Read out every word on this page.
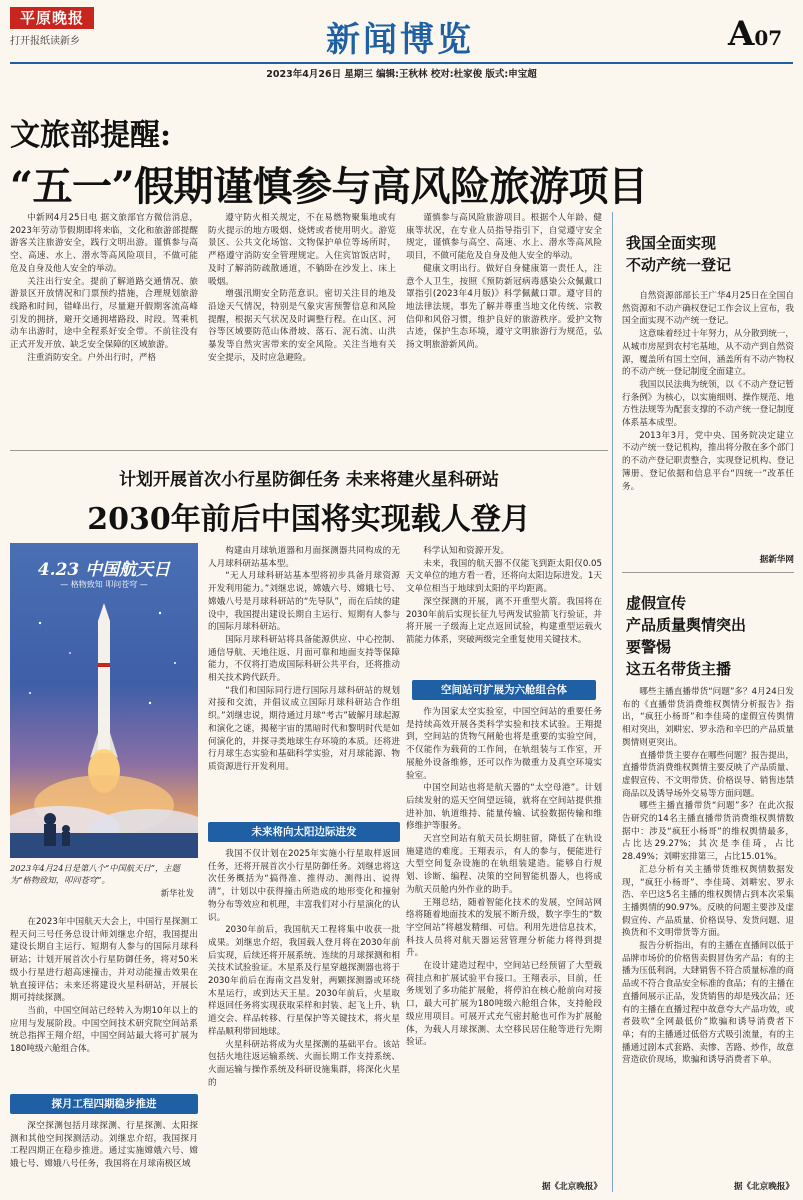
平原晚报
打开报纸读新乡	新闻博览	A07
2023年4月26日 星期三 编辑:王秋林 校对:杜家俊 版式:申宝超
文旅部提醒:
“五一”假期谨慎参与高风险旅游项目

中新网4月25日电 据文旅部官方微信消息，2023年劳动节假期即将来临，文化和旅游部提醒游客关注旅游安全，践行文明出游。谨慎参与高空、高速、水上、潜水等高风险项目，不做可能危及自身及他人安全的举动。

关注出行安全。提前了解道路交通情况、旅游景区开放情况和门票预约措施，合理规划旅游线路和时间，错峰出行，尽量避开假期客流高峰引发的拥挤，避开交通拥堵路段、时段。驾乘机动车出游时，途中全程系好安全带。不前往没有正式开发开放、缺乏安全保障的区域旅游。

注重消防安全。户外出行时，严格

遵守防火相关规定，不在易燃物聚集地或有防火提示的地方吸烟、烧烤或者使用明火。游览景区、公共文化场馆、文物保护单位等场所时，严格遵守消防安全管理规定。入住宾馆饭店时，及时了解消防疏散通道，不躺卧在沙发上、床上吸烟。

增强汛期安全防范意识。密切关注目的地及沿途天气情况，特别是气象灾害预警信息和风险提醒，根据天气状况及时调整行程。在山区、河谷等区域要防范山体滑坡、落石、泥石流、山洪暴发等自然灾害带来的安全风险。关注当地有关安全提示，及时应急避险。

谨慎参与高风险旅游项目。根据个人年龄、健康等状况，在专业人员指导指引下，自觉遵守安全规定，谨慎参与高空、高速、水上、潜水等高风险项目，不做可能危及自身及他人安全的举动。

健康文明出行。做好自身健康第一责任人，注意个人卫生，按照《预防新冠病毒感染公众佩戴口罩指引(2023年4月版)》科学佩戴口罩。遵守目的地法律法规，事先了解并尊重当地文化传统、宗教信仰和风俗习惯，维护良好的旅游秩序。爱护文物古迹，保护生态环境，遵守文明旅游行为规范，弘扬文明旅游新风尚。

我国全面实现
不动产统一登记

自然资源部部长王广华4月25日在全国自然资源和不动产确权登记工作会议上宣布，我国全面实现不动产统一登记。

这意味着经过十年努力，从分散到统一，从城市房屋到农村宅基地，从不动产到自然资源，覆盖所有国土空间，涵盖所有不动产物权的不动产统一登记制度全面建立。

我国以民法典为统领，以《不动产登记暂行条例》为核心，以实施细则、操作规范、地方性法规等为配套支撑的不动产统一登记制度体系基本成型。

2013年3月，党中央、国务院决定建立不动产统一登记机构，推出将分散在多个部门的不动产登记职责整合，实现登记机构、登记簿册、登记依据和信息平台“四统一”改革任务。

据新华网
计划开展首次小行星防御任务 未来将建火星科研站
2030年前后中国将实现载人登月
4.23 中国航天日
— 格物致知 叩问苍穹 —
2023年4月24日是第八个“中国航天日”，主题为“格物致知，叩问苍穹”。
新华社发

在2023年中国航天大会上，中国行星探测工程天问三号任务总设计师刘继忠介绍，我国提出建设长期自主运行、短期有人参与的国际月球科研站；计划开展首次小行星防御任务，将对50米级小行星进行超高速撞击，并对动能撞击效果在轨直接评估；未来还将建设火星科研站，开展长期可持续探测。

当前，中国空间站已经转入为期10年以上的应用与发展阶段。中国空间技术研究院空间站系统总指挥王翔介绍，中国空间站最大将可扩展为180吨级六舱组合体。

探月工程四期稳步推进

深空探测包括月球探测、行星探测、太阳探测和其他空间探测活动。刘继忠介绍，我国探月工程四期正在稳步推进。通过实施嫦娥六号、嫦娥七号、嫦娥八号任务，我国将在月球南极区域

构建由月球轨道器和月面探测器共同构成的无人月球科研站基本型。

“无人月球科研站基本型将初步具备月球资源开发利用能力。”刘继忠说，嫦娥六号、嫦娥七号、嫦娥八号是月球科研站的“先导队”，而在后续的建设中，我国提出建设长期自主运行、短期有人参与的国际月球科研站。

国际月球科研站将具备能源供应、中心控制、通信导航、天地往返、月面可靠和地面支持等保障能力，不仅将打造成国际科研公共平台，还将推动相关技术跨代跃升。

“我们和国际同行进行国际月球科研站的规划对接和交流，并倡议成立国际月球科研站合作组织。”刘继忠说，期待通过月球“考古”破解月球起源和演化之谜，揭秘宇宙的黑暗时代和黎明时代是如何演化的，并探寻类地球生存环境的本质。还将进行月球生态实验和基础科学实验，对月球能源、物质资源进行开发利用。

未来将向太阳边际进发

我国不仅计划在2025年实施小行星取样返回任务，还将开展首次小行星防御任务。刘继忠将这次任务概括为“搞得准、推得动、测得出、说得清”，计划以中获得撞击所造成的地形变化和撞射物分布等效应和机理，丰富我们对小行星演化的认识。

2030年前后，我国航天工程将集中收获一批成果。刘继忠介绍，我国载人登月将在2030年前后实现，后续还将开展系统、连续的月球探测和相关技术试验验证。木星系及行星穿越探测器也将于2030年前后在海南文昌发射，两颗探测器或环绕木星运行，或到达天王星。2030年前后，火星取样返回任务将实现获取采样和封装、起飞上升、轨道交会、样品转移、行星保护等关键技术，将火星样品顺利带回地球。

火星科研站将成为火星探测的基础平台。该站包括火地往返运输系统、火面长期工作支持系统、火面运输与操作系统及科研设施集群，将深化火星的

科学认知和资源开发。

未来，我国的航天器不仅能飞到距太阳仅0.05天文单位的地方看一看，还将向太阳边际进发。1天文单位相当于地球到太阳的平均距离。

深空探测的开展，离不开重型火箭。我国将在2030年前后实现长征九号两发试验箭飞行验证，并将开展一子级海上定点返回试验，构建重型运载火箭能力体系，突破两级完全重复使用关键技术。

空间站可扩展为六舱组合体

作为国家太空实验室，中国空间站的重要任务是持续高效开展各类科学实验和技术试验。王翔提到，空间站的货物气闸舱也将是重要的实验空间，不仅能作为载荷的工作间，在轨组装与工作室，开展舱外设备维修，还可以作为微重力及真空环境实验室。

中国空间站也将是航天器的“太空母港”。计划后续发射的巡天空间望远镜，就将在空间站提供推进补加、轨道维持、能量传输、试验数据传输和维修维护等服务。

天宫空间站有航天员长期驻留，降低了在轨设施建造的难度。王翔表示，有人的参与，便能进行大型空间复杂设施的在轨组装建造。能够自行规划、诊断、编程、决策的空间智能机器人，也将成为航天员舱内外作业的助手。

王翔总结，随着智能化技术的发展，空间站网络将随着地面技术的发展不断升级，数字孪生的“数字空间站”将越发精细、可信。利用先进信息技术，科技人员将对航天器运营管理分析能力将得到提升。

在设计建造过程中，空间站已经预留了大型载荷挂点和扩展试验平台接口。王翔表示，目前，任务规划了多功能扩展舱，将停泊在核心舱前向对接口，最大可扩展为180吨级六舱组合体，支持舱段级应用项目。可展开式充气密封舱也可作为扩展舱体，为载人月球探测、太空移民居住舱等进行先期验证。

据《北京晚报》
虚假宣传
产品质量舆情突出
要警惕
这五名带货主播

哪些主播直播带货“问题”多？4月24日发布的《直播带货消费维权舆情分析报告》指出，“疯狂小杨哥”和李佳琦的虚假宣传舆情相对突出，刘畊宏、罗永浩和辛巴的产品质量舆情则更突出。

直播带货主要存在哪些问题？报告提出，直播带货消费维权舆情主要反映了产品质量、虚假宣传、不文明带货、价格误导、销售违禁商品以及诱导场外交易等方面问题。

哪些主播直播带货“问题”多？在此次报告研究的14名主播直播带货消费维权舆情数据中：涉及“疯狂小杨哥”的维权舆情最多，占比达29.27%；其次是李佳琦，占比28.49%；刘畊宏排第三，占比15.01%。

汇总分析有关主播带货维权舆情数据发现，“疯狂小杨哥”、李佳琦、刘畊宏、罗永浩、辛巴这5名主播的维权舆情占到本次采集主播舆情的90.97%。反映的问题主要涉及虚假宣传、产品质量、价格误导、发货问题、退换货和不文明带货等方面。

报告分析指出，有的主播在直播间以低于品牌市场价的价格售卖假冒伪劣产品；有的主播为压低利润，大肆销售不符合质量标准的商品或不符合食品安全标准的食品；有的主播在直播间展示正品，发货销售的却是残次品；还有的主播在直播过程中故意夸大产品功效，或者鼓吹“全网最低价”欺骗和诱导消费者下单；有的主播通过低俗方式吸引流量，有的主播通过剧本式套路、卖惨、苦路、炒作，故意营造砍价现场，欺骗和诱导消费者下单。

据《北京晚报》
